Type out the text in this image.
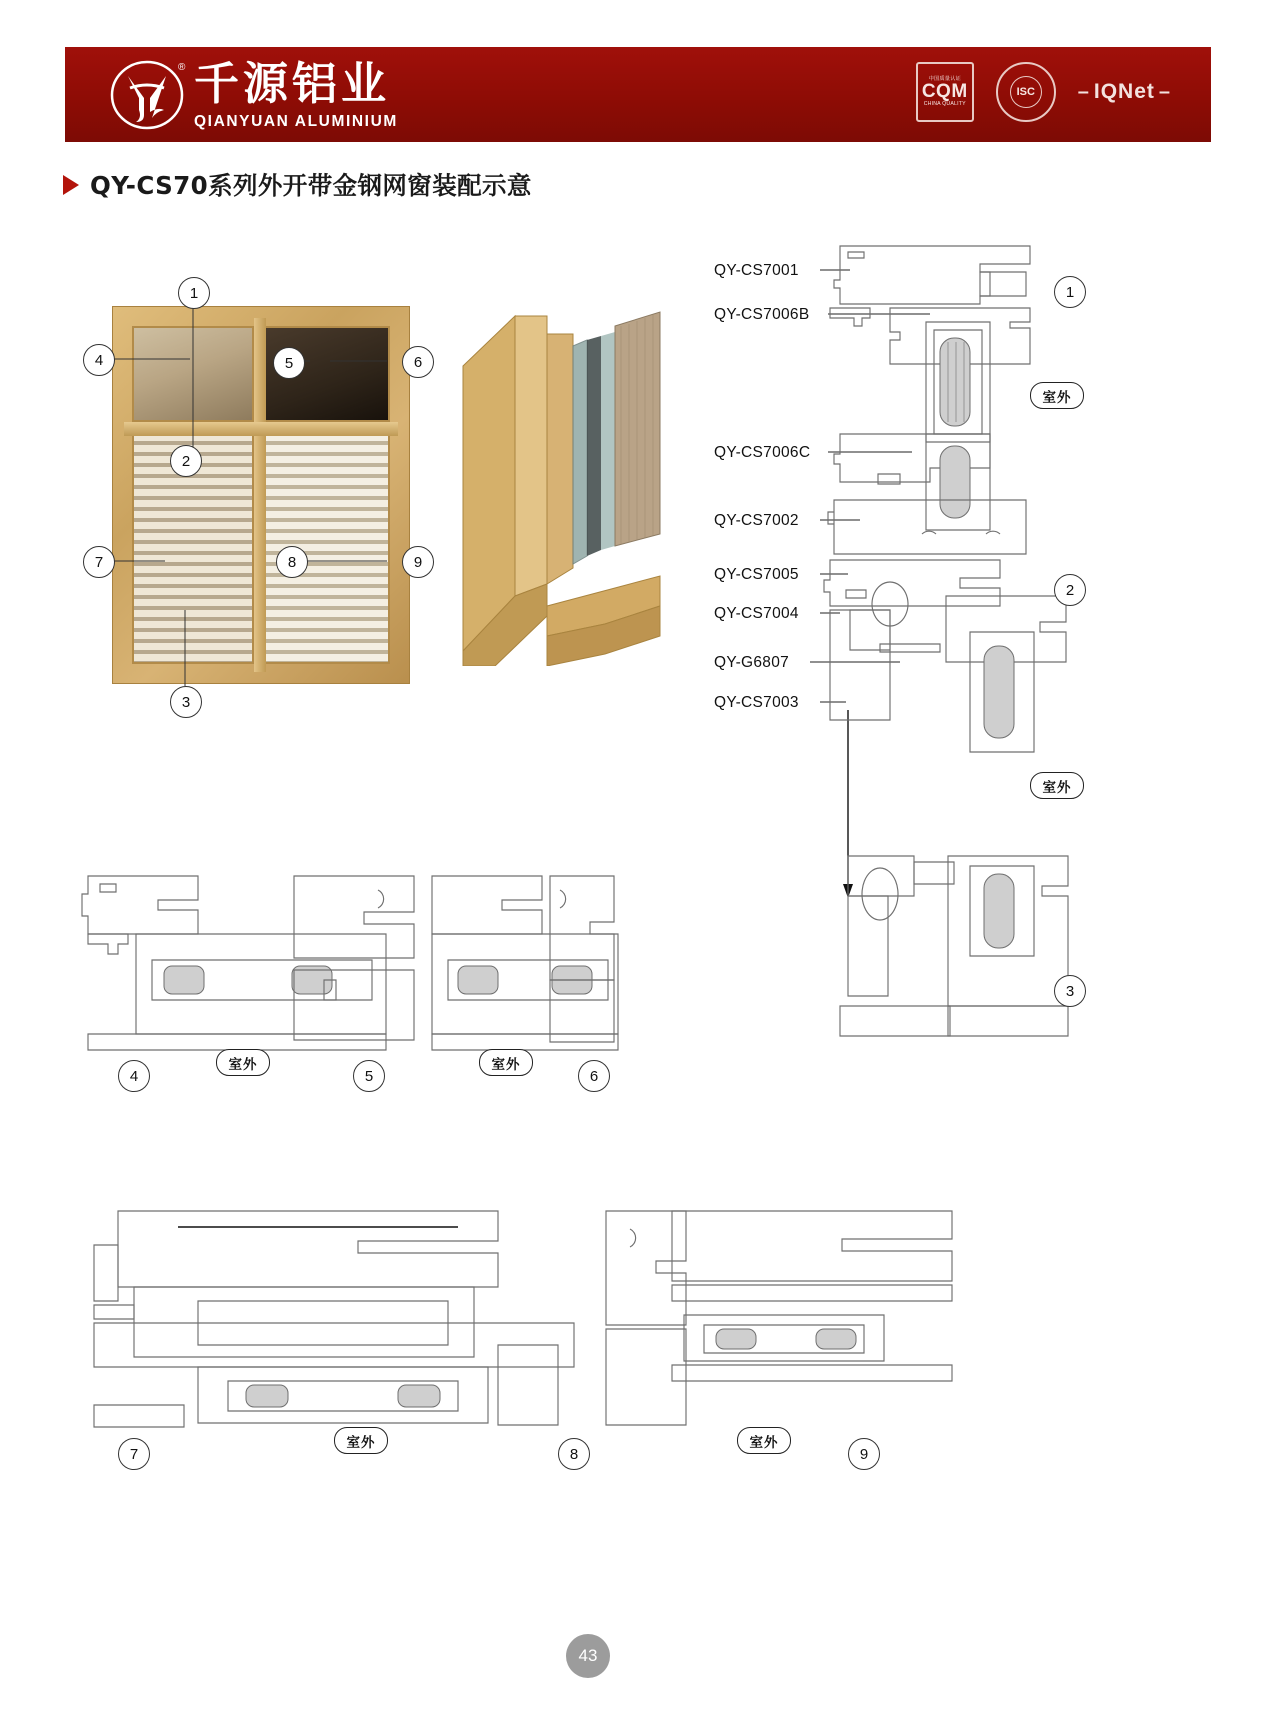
® 千源铝业
QIANYUAN ALUMINIUM
中国质量认证
CQM
CHINA QUALITY
ISC	– IQNet –
QY-CS70系列外开带金钢网窗装配示意
QY-CS7001
QY-CS7006B
QY-CS7006C
QY-CS7002
QY-CS7005
QY-CS7004
QY-G6807
QY-CS7003
1
4	5	6
2
7	8	9
3
1
2
3
4	5	6
7	8	9
室外
室外
室外	室外
室外	室外
43
